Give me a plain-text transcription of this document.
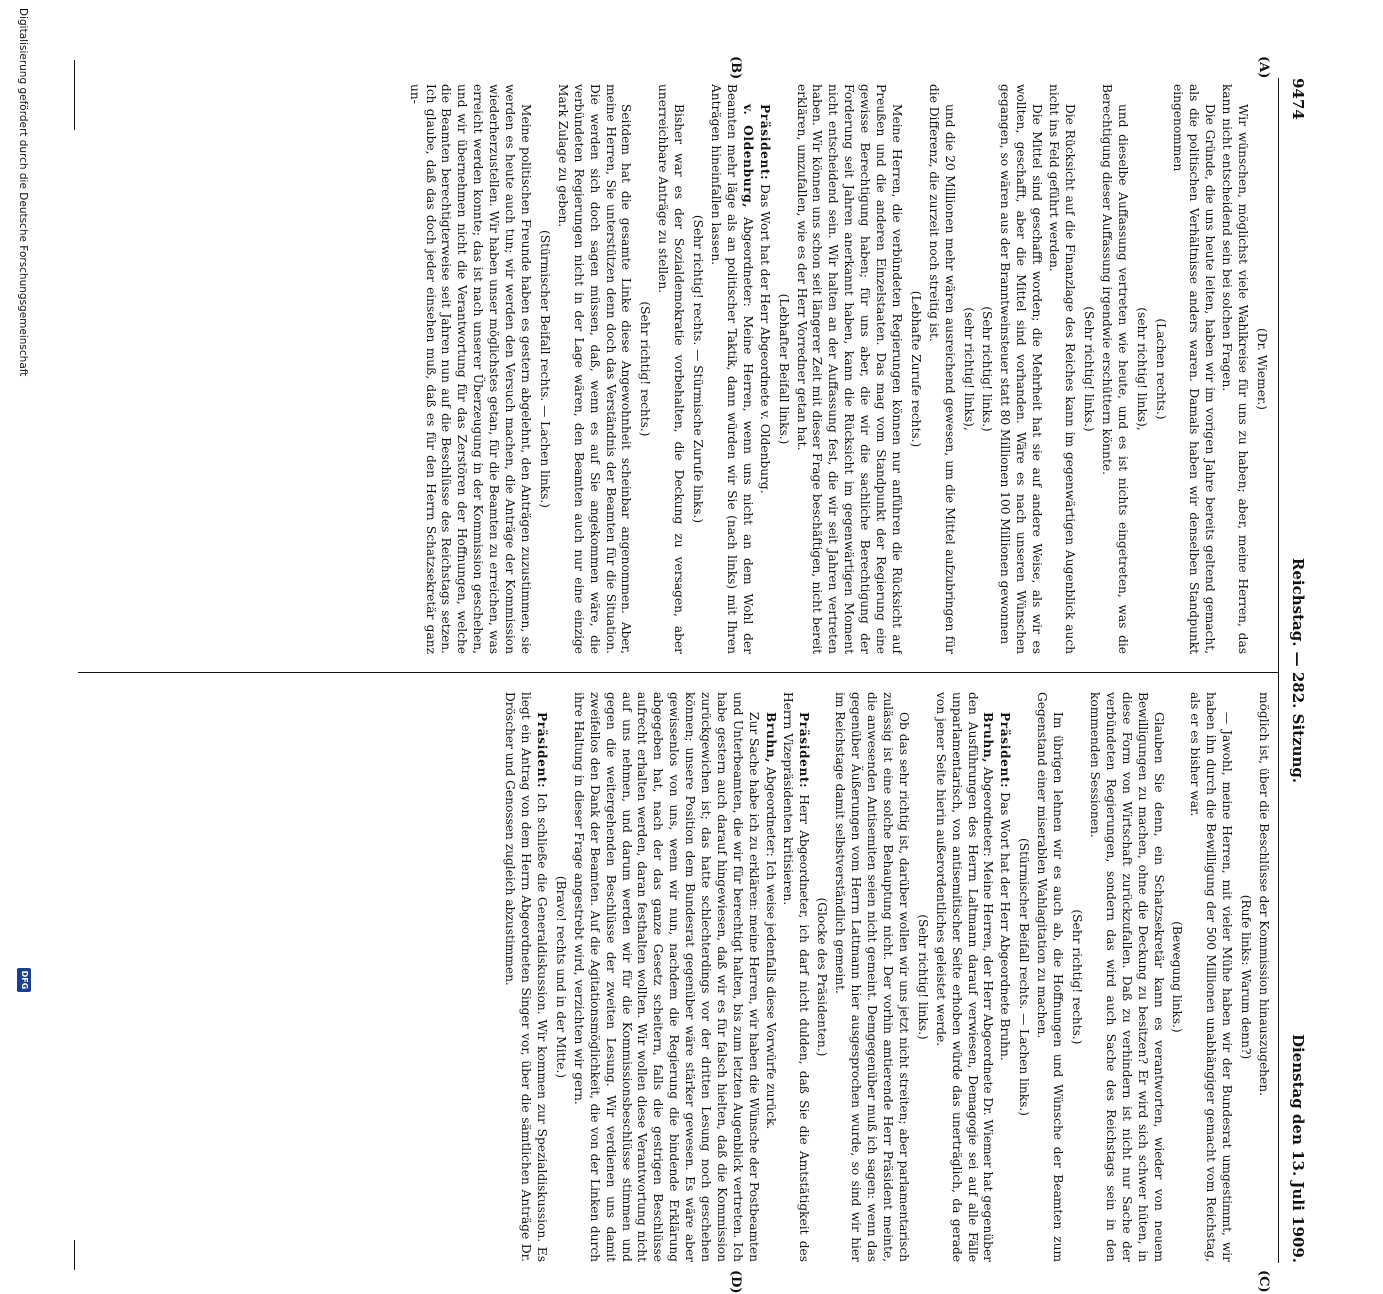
9474
Reichstag. — 282. Sitzung.
Dienstag den 13. Juli 1909.
(A)
(B)
(C)
(D)

(Dr. Wiemer.)

Wir wünschen, möglichst viele Wahlkreise für uns zu haben; aber, meine Herren, das kann nicht entscheidend sein bei solchen Fragen.

Die Gründe, die uns heute leiten, haben wir im vorigen Jahre bereits geltend gemacht, als die politischen Verhältnisse anders waren. Damals haben wir denselben Standpunkt eingenommen

(Lachen rechts.)

(sehr richtig! links),

und dieselbe Auffassung vertreten wie heute, und es ist nichts eingetreten, was die Berechtigung dieser Auffassung irgendwie erschüttern könnte.

(Sehr richtig! links.)

Die Rücksicht auf die Finanzlage des Reiches kann im gegenwärtigen Augenblick auch nicht ins Feld geführt werden.

Die Mittel sind geschafft worden; die Mehrheit hat sie auf andere Weise, als wir es wollten, geschafft, aber die Mittel sind vorhanden. Wäre es nach unseren Wünschen gegangen, so wären aus der Branntweinsteuer statt 80 Millionen 100 Millionen gewonnen

(Sehr richtig! links.)

(sehr richtig! links),

und die 20 Millionen mehr wären ausreichend gewesen, um die Mittel aufzubringen für die Differenz, die zurzeit noch streitig ist.

(Lebhafte Zurufe rechts.)

Meine Herren, die verbündeten Regierungen können nur anführen die Rücksicht auf Preußen und die anderen Einzelstaaten. Das mag vom Standpunkt der Regierung eine gewisse Berechtigung haben; für uns aber, die wir die sachliche Berechtigung der Forderung seit Jahren anerkannt haben, kann die Rücksicht im gegenwärtigen Moment nicht entscheidend sein. Wir halten an der Auffassung fest, die wir seit Jahren vertreten haben. Wir können uns schon seit längerer Zeit mit dieser Frage beschäftigen, nicht bereit erklären, umzufallen, wie es der Herr Vorredner getan hat.

(Lebhafter Beifall links.)

Präsident: Das Wort hat der Herr Abgeordnete v. Oldenburg.

v. Oldenburg, Abgeordneter: Meine Herren, wenn uns nicht an dem Wohl der Beamten mehr läge als an politischer Taktik, dann würden wir Sie (nach links) mit Ihren Anträgen hineinfallen lassen.

(Sehr richtig! rechts. — Stürmische Zurufe links.)

Bisher war es der Sozialdemokratie vorbehalten, die Deckung zu versagen, aber unerreichbare Anträge zu stellen.

(Sehr richtig! rechts.)

Seitdem hat die gesamte Linke diese Angewohnheit scheinbar angenommen. Aber, meine Herren, Sie unterstützen denn doch das Verständnis der Beamten für die Situation. Die werden sich doch sagen müssen, daß, wenn es auf Sie angekommen wäre, die verbündeten Regierungen nicht in der Lage wären, den Beamten auch nur eine einzige Mark Zulage zu geben.

(Stürmischer Beifall rechts. — Lachen links.)

Meine politischen Freunde haben es gestern abgelehnt, den Anträgen zuzustimmen, sie werden es heute auch tun; wir werden den Versuch machen, die Anträge der Kommission wiederherzustellen. Wir haben unser möglichstes getan, für die Beamten zu erreichen, was erreicht werden konnte; das ist nach unserer Überzeugung in der Kommission geschehen, und wir übernehmen nicht die Verantwortung für das Zerstören der Hoffnungen, welche die Beamten berechtigterweise seit Jahren nun auf die Beschlüsse des Reichstags setzen. Ich glaube, daß das doch jeder einsehen muß, daß es für den Herrn Schatzsekretär ganz un-

möglich ist, über die Beschlüsse der Kommission hinauszugehen.

(Rufe links: Warum denn?)

— Jawohl, meine Herren, mit vieler Mühe haben wir der Bundesrat umgestimmt, wir haben ihn durch die Bewilligung der 500 Millionen unabhängiger gemacht vom Reichstag, als er es bisher war.

(Bewegung links.)

Glauben Sie denn, ein Schatzsekretär kann es verantworten, wieder von neuem Bewilligungen zu machen, ohne die Deckung zu besitzen? Er wird sich schwer hüten, in diese Form von Wirtschaft zurückzufallen. Daß zu verhindern ist nicht nur Sache der verbündeten Regierungen, sondern das wird auch Sache des Reichstags sein in den kommenden Sessionen.

(Sehr richtig! rechts.)

Im übrigen lehnen wir es auch ab, die Hoffnungen und Wünsche der Beamten zum Gegenstand einer miserablen Wahlagitation zu machen.

(Stürmischer Beifall rechts. — Lachen links.)

Präsident: Das Wort hat der Herr Abgeordnete Bruhn.

Bruhn, Abgeordneter: Meine Herren, der Herr Abgeordnete Dr. Wiemer hat gegenüber den Ausführungen des Herrn Laltmann darauf verwiesen, Demagogie sei auf alle Fälle unparlamentarisch, von antisemitischer Seite erhoben würde das unerträglich, da gerade von jener Seite hierin außerordentliches geleistet werde.

(Sehr richtig! links.)

Ob das sehr richtig ist, darüber wollen wir uns jetzt nicht streiten; aber parlamentarisch zulässig ist eine solche Behauptung nicht. Der vorhin amtierende Herr Präsident meinte, die anwesenden Antisemiten seien nicht gemeint. Demgegenüber muß ich sagen: wenn das gegenüber Äußerungen vom Herrn Lattmann hier ausgesprochen wurde, so sind wir hier im Reichstage damit selbstverständlich gemeint.

(Glocke des Präsidenten.)

Präsident: Herr Abgeordneter, ich darf nicht dulden, daß Sie die Amtstätigkeit des Herrn Vizepräsidenten kritisieren.

Bruhn, Abgeordneter: Ich weise jedenfalls diese Vorwürfe zurück.

Zur Sache habe ich zu erklären: meine Herren, wir haben die Wünsche der Postbeamten und Unterbeamten, die wir für berechtigt halten, bis zum letzten Augenblick vertreten. Ich habe gestern auch darauf hingewiesen, daß wir es für falsch hielten, daß die Kommission zurückgewichen ist; das hatte schlechterdings vor der dritten Lesung noch geschehen können; unsere Position dem Bundesrat gegenüber wäre stärker gewesen. Es wäre aber gewissenlos von uns, wenn wir nun, nachdem die Regierung die bindende Erklärung abgegeben hat, nach der das ganze Gesetz scheitern, falls die gestrigen Beschlüsse aufrecht erhalten werden, daran festhalten wollten. Wir wollen diese Verantwortung nicht auf uns nehmen, und darum werden wir für die Kommissionsbeschlüsse stimmen und gegen die weitergehenden Beschlüsse der zweiten Lesung. Wir verdienen uns damit zweifellos den Dank der Beamten. Auf die Agitationsmöglichkeit, die von der Linken durch ihre Haltung in dieser Frage angestrebt wird, verzichten wir gern.

(Bravo! rechts und in der Mitte.)

Präsident: Ich schließe die Generaldiskussion. Wir kommen zur Spezialdiskussion. Es liegt ein Antrag von dem Herrn Abgeordneten Singer vor, über die sämtlichen Anträge Dr. Dröscher und Genossen zugleich abzustimmen.

Digitalisierung gefördert durch die Deutsche Forschungsgemeinschaft
DFG
